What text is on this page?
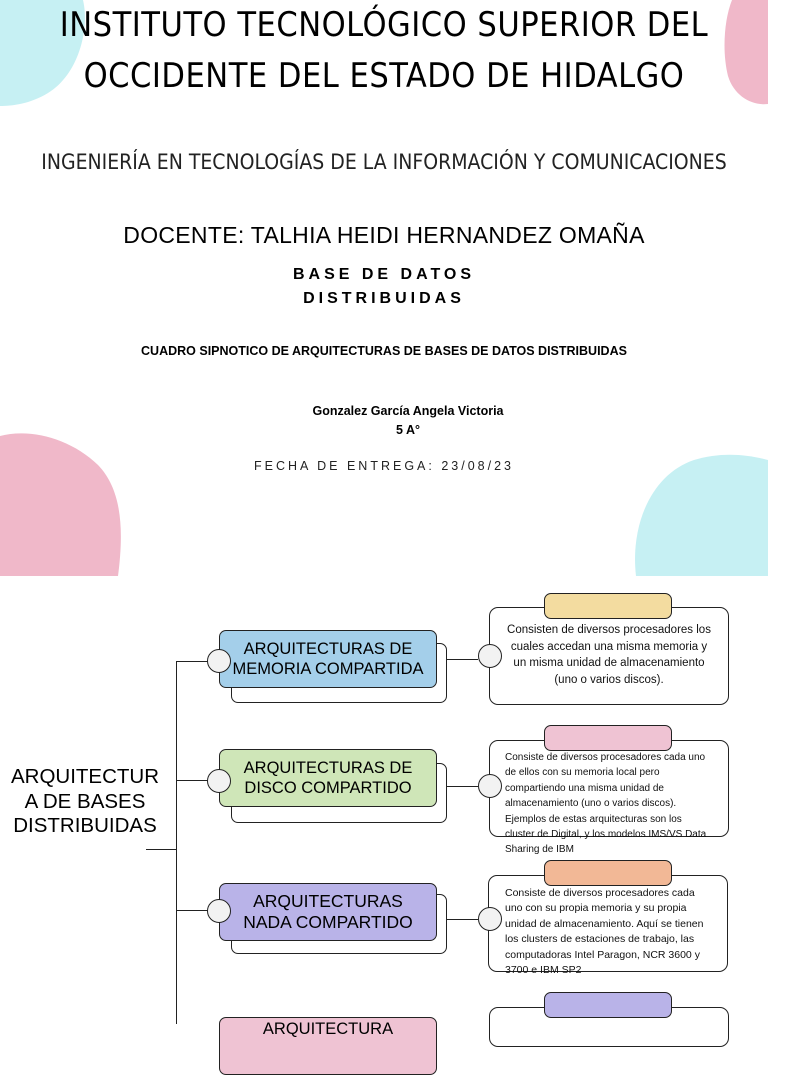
INSTITUTO TECNOLÓGICO SUPERIOR DEL

OCCIDENTE DEL ESTADO DE HIDALGO

INGENIERÍA EN TECNOLOGÍAS DE LA INFORMACIÓN Y COMUNICACIONES

DOCENTE: TALHIA HEIDI HERNANDEZ OMAÑA

BASE DE DATOS

DISTRIBUIDAS

CUADRO SIPNOTICO DE ARQUITECTURAS DE BASES DE DATOS DISTRIBUIDAS

Gonzalez García Angela Victoria

5 A°

FECHA DE ENTREGA: 23/08/23

ARQUITECTUR
A DE BASES
DISTRIBUIDAS
ARQUITECTURAS DE
MEMORIA COMPARTIDA
Consisten de diversos procesadores los
cuales accedan una misma memoria y
un misma unidad de almacenamiento
(uno o varios discos).
ARQUITECTURAS DE
DISCO COMPARTIDO
Consiste de diversos procesadores cada uno
de ellos con su memoria local pero
compartiendo una misma unidad de
almacenamiento (uno o varios discos).
Ejemplos de estas arquitecturas son los
cluster de Digital, y los modelos IMS/VS Data
Sharing de IBM
ARQUITECTURAS
NADA COMPARTIDO
Consiste de diversos procesadores cada
uno con su propia memoria y su propia
unidad de almacenamiento. Aquí se tienen
los clusters de estaciones de trabajo, las
computadoras Intel Paragon, NCR 3600 y
3700 e IBM SP2
ARQUITECTURA
